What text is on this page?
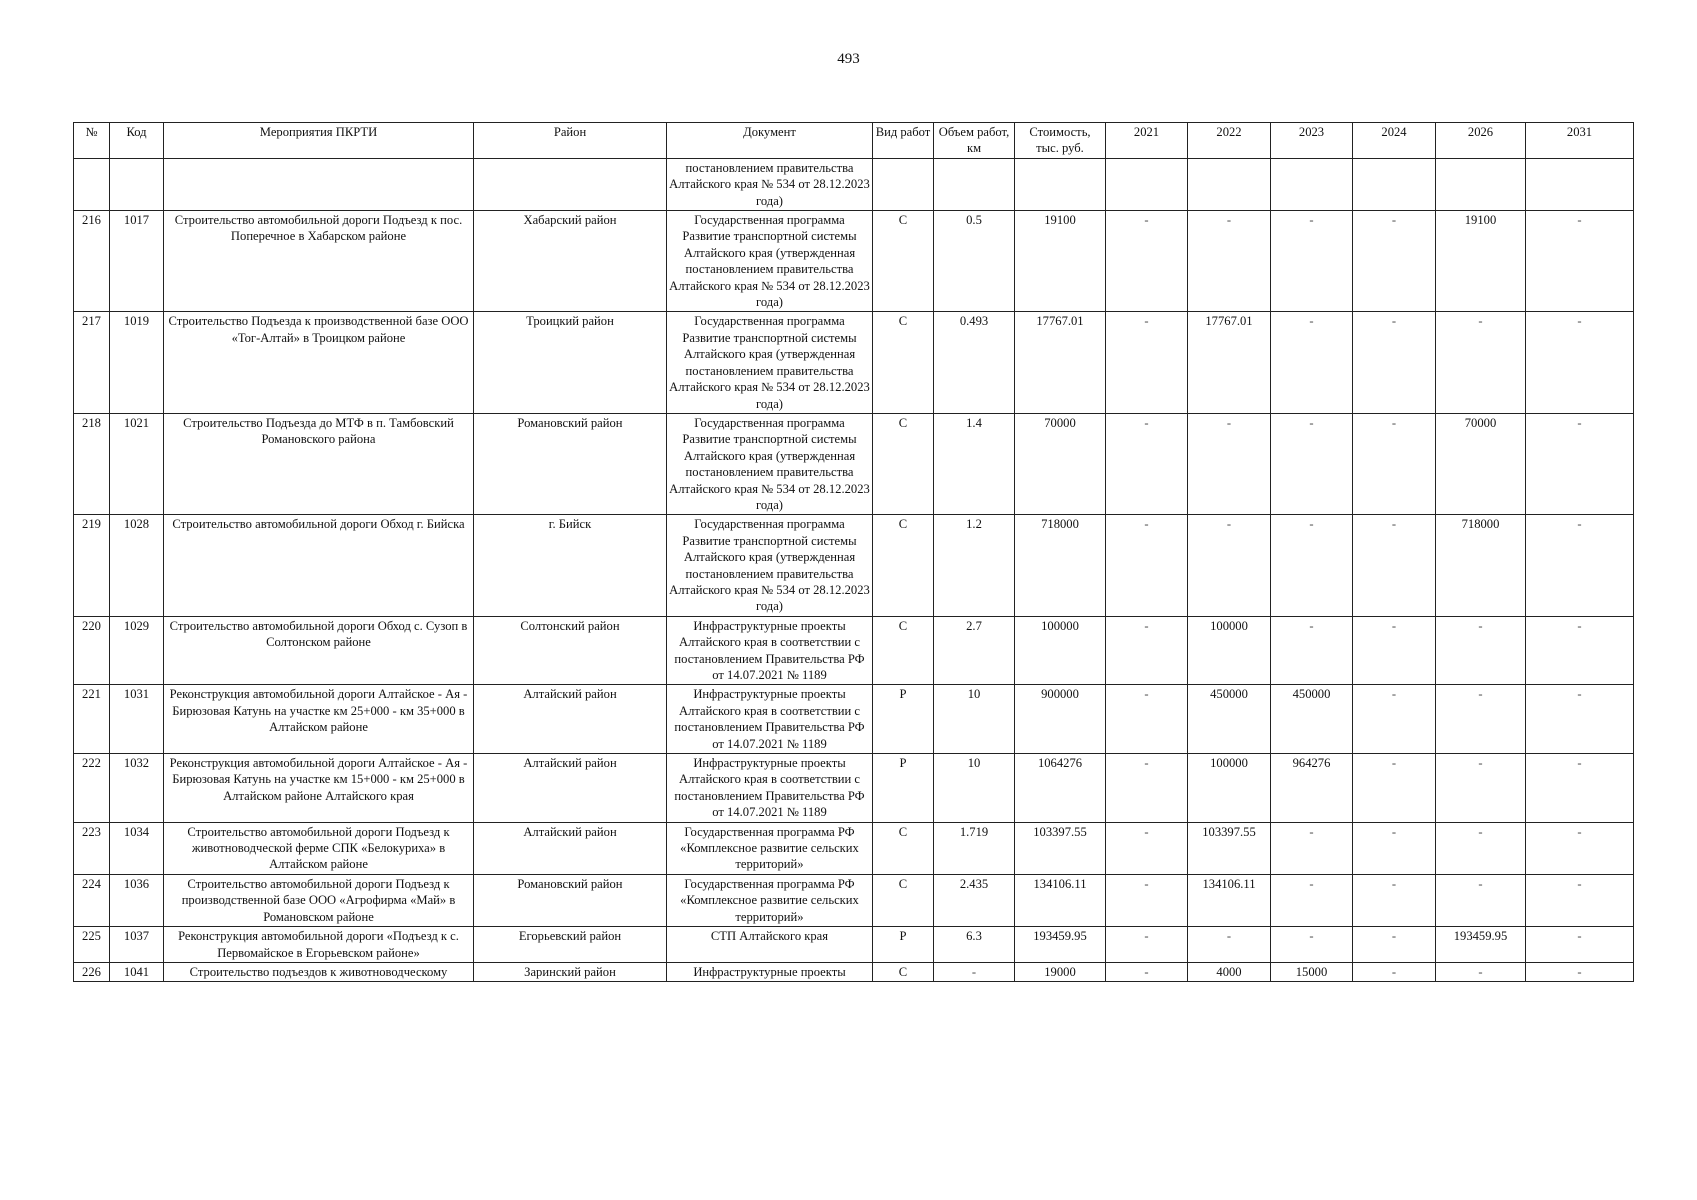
493
№	Код	Мероприятия ПКРТИ	Район	Документ	Вид работ	Объем работ, км	Стоимость, тыс. руб.	2021	2022	2023	2024	2026	2031
				постановлением правительства Алтайского края № 534 от 28.12.2023 года)									
216	1017	Строительство автомобильной дороги Подъезд к пос. Поперечное в Хабарском районе	Хабарский район	Государственная программа Развитие транспортной системы Алтайского края (утвержденная постановлением правительства Алтайского края № 534 от 28.12.2023 года)	С	0.5	19100	-	-	-	-	19100	-
217	1019	Строительство Подъезда к производственной базе ООО «Тог-Алтай» в Троицком районе	Троицкий район	Государственная программа Развитие транспортной системы Алтайского края (утвержденная постановлением правительства Алтайского края № 534 от 28.12.2023 года)	С	0.493	17767.01	-	17767.01	-	-	-	-
218	1021	Строительство Подъезда до МТФ в п. Тамбовский Романовского района	Романовский район	Государственная программа Развитие транспортной системы Алтайского края (утвержденная постановлением правительства Алтайского края № 534 от 28.12.2023 года)	С	1.4	70000	-	-	-	-	70000	-
219	1028	Строительство автомобильной дороги Обход г. Бийска	г. Бийск	Государственная программа Развитие транспортной системы Алтайского края (утвержденная постановлением правительства Алтайского края № 534 от 28.12.2023 года)	С	1.2	718000	-	-	-	-	718000	-
220	1029	Строительство автомобильной дороги Обход с. Сузоп в Солтонском районе	Солтонский район	Инфраструктурные проекты Алтайского края в соответствии с постановлением Правительства РФ от 14.07.2021 № 1189	С	2.7	100000	-	100000	-	-	-	-
221	1031	Реконструкция автомобильной дороги Алтайское - Ая - Бирюзовая Катунь на участке км 25+000 - км 35+000 в Алтайском районе	Алтайский район	Инфраструктурные проекты Алтайского края в соответствии с постановлением Правительства РФ от 14.07.2021 № 1189	Р	10	900000	-	450000	450000	-	-	-
222	1032	Реконструкция автомобильной дороги Алтайское - Ая - Бирюзовая Катунь на участке км 15+000 - км 25+000 в Алтайском районе Алтайского края	Алтайский район	Инфраструктурные проекты Алтайского края в соответствии с постановлением Правительства РФ от 14.07.2021 № 1189	Р	10	1064276	-	100000	964276	-	-	-
223	1034	Строительство автомобильной дороги Подъезд к животноводческой ферме СПК «Белокуриха» в Алтайском районе	Алтайский район	Государственная программа РФ «Комплексное развитие сельских территорий»	С	1.719	103397.55	-	103397.55	-	-	-	-
224	1036	Строительство автомобильной дороги Подъезд к производственной базе ООО «Агрофирма «Май» в Романовском районе	Романовский район	Государственная программа РФ «Комплексное развитие сельских территорий»	С	2.435	134106.11	-	134106.11	-	-	-	-
225	1037	Реконструкция автомобильной дороги «Подъезд к с. Первомайское в Егорьевском районе»	Егорьевский район	СТП Алтайского края	Р	6.3	193459.95	-	-	-	-	193459.95	-
226	1041	Строительство подъездов к животноводческому	Заринский район	Инфраструктурные проекты	С	-	19000	-	4000	15000	-	-	-
